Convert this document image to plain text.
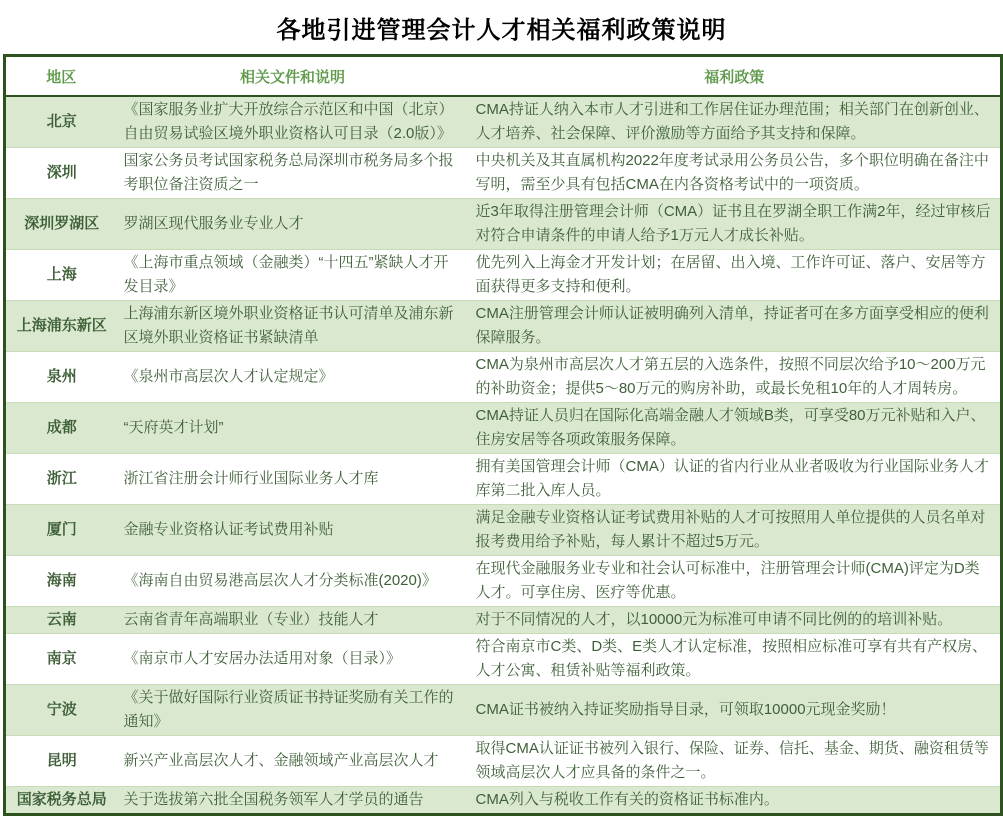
各地引进管理会计人才相关福利政策说明
地区	相关文件和说明	福利政策
北京	《国家服务业扩大开放综合示范区和中国（北京）自由贸易试验区境外职业资格认可目录（2.0版）》	CMA持证人纳入本市人才引进和工作居住证办理范围；相关部门在创新创业、人才培养、社会保障、评价激励等方面给予其支持和保障。
深圳	国家公务员考试国家税务总局深圳市税务局多个报考职位备注资质之一	中央机关及其直属机构2022年度考试录用公务员公告，多个职位明确在备注中写明，需至少具有包括CMA在内各资格考试中的一项资质。
深圳罗湖区	罗湖区现代服务业专业人才	近3年取得注册管理会计师（CMA）证书且在罗湖全职工作满2年，经过审核后对符合申请条件的申请人给予1万元人才成长补贴。
上海	《上海市重点领域（金融类）“十四五”紧缺人才开发目录》	优先列入上海金才开发计划；在居留、出入境、工作许可证、落户、安居等方面获得更多支持和便利。
上海浦东新区	上海浦东新区境外职业资格证书认可清单及浦东新区境外职业资格证书紧缺清单	CMA注册管理会计师认证被明确列入清单，持证者可在多方面享受相应的便利保障服务。
泉州	《泉州市高层次人才认定规定》	CMA为泉州市高层次人才第五层的入选条件，按照不同层次给予10～200万元的补助资金；提供5～80万元的购房补助，或最长免租10年的人才周转房。
成都	“天府英才计划”	CMA持证人员归在国际化高端金融人才领域B类，可享受80万元补贴和入户、住房安居等各项政策服务保障。
浙江	浙江省注册会计师行业国际业务人才库	拥有美国管理会计师（CMA）认证的省内行业从业者吸收为行业国际业务人才库第二批入库人员。
厦门	金融专业资格认证考试费用补贴	满足金融专业资格认证考试费用补贴的人才可按照用人单位提供的人员名单对报考费用给予补贴，每人累计不超过5万元。
海南	《海南自由贸易港高层次人才分类标准(2020)》	在现代金融服务业专业和社会认可标准中，注册管理会计师(CMA)评定为D类人才。可享住房、医疗等优惠。
云南	云南省青年高端职业（专业）技能人才	对于不同情况的人才，以10000元为标准可申请不同比例的的培训补贴。
南京	《南京市人才安居办法适用对象（目录）》	符合南京市C类、D类、E类人才认定标准，按照相应标准可享有共有产权房、人才公寓、租赁补贴等福利政策。
宁波	《关于做好国际行业资质证书持证奖励有关工作的通知》	CMA证书被纳入持证奖励指导目录，可领取10000元现金奖励！
昆明	新兴产业高层次人才、金融领域产业高层次人才	取得CMA认证证书被列入银行、保险、证券、信托、基金、期货、融资租赁等领域高层次人才应具备的条件之一。
国家税务总局	关于选拔第六批全国税务领军人才学员的通告	CMA列入与税收工作有关的资格证书标准内。
